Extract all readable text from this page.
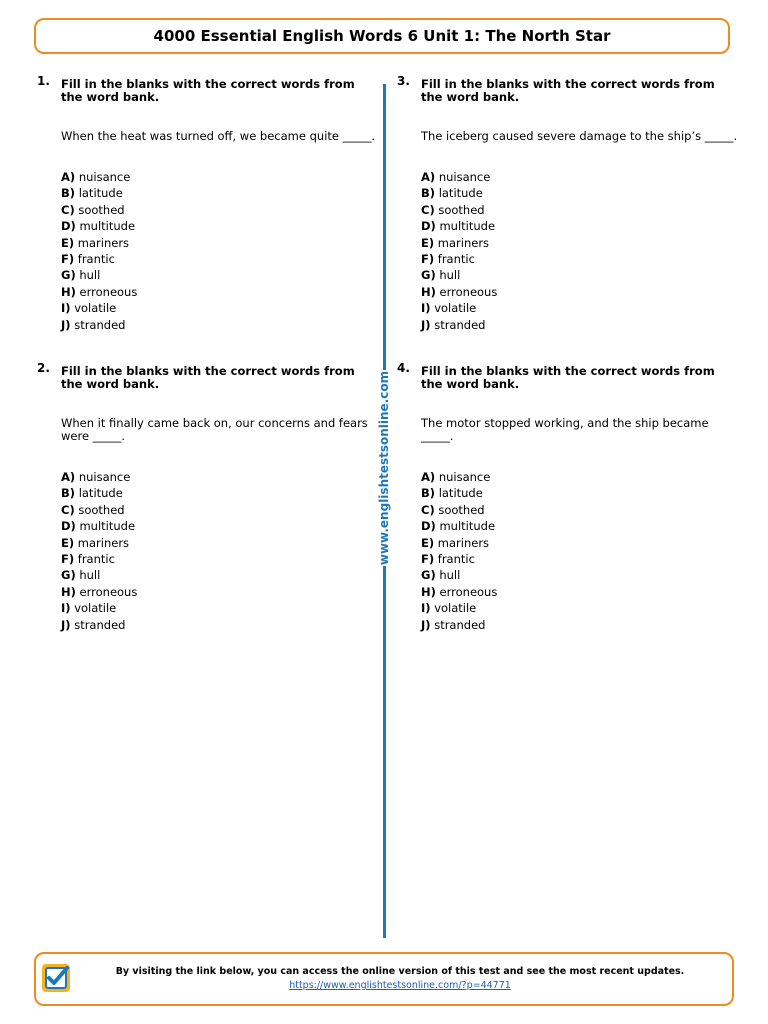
4000 Essential English Words 6 Unit 1: The North Star
www.englishtestsonline.com
1. Fill in the blanks with the correct words from the word bank.

When the heat was turned off, we became quite _____.

A) nuisance
B) latitude
C) soothed
D) multitude
E) mariners
F) frantic
G) hull
H) erroneous
I) volatile
J) stranded
2. Fill in the blanks with the correct words from the word bank.

When it finally came back on, our concerns and fears were _____.

A) nuisance
B) latitude
C) soothed
D) multitude
E) mariners
F) frantic
G) hull
H) erroneous
I) volatile
J) stranded
3. Fill in the blanks with the correct words from the word bank.

The iceberg caused severe damage to the ship’s _____.

A) nuisance
B) latitude
C) soothed
D) multitude
E) mariners
F) frantic
G) hull
H) erroneous
I) volatile
J) stranded
4. Fill in the blanks with the correct words from the word bank.

The motor stopped working, and the ship became _____.

A) nuisance
B) latitude
C) soothed
D) multitude
E) mariners
F) frantic
G) hull
H) erroneous
I) volatile
J) stranded
By visiting the link below, you can access the online version of this test and see the most recent updates.
https://www.englishtestsonline.com/?p=44771
